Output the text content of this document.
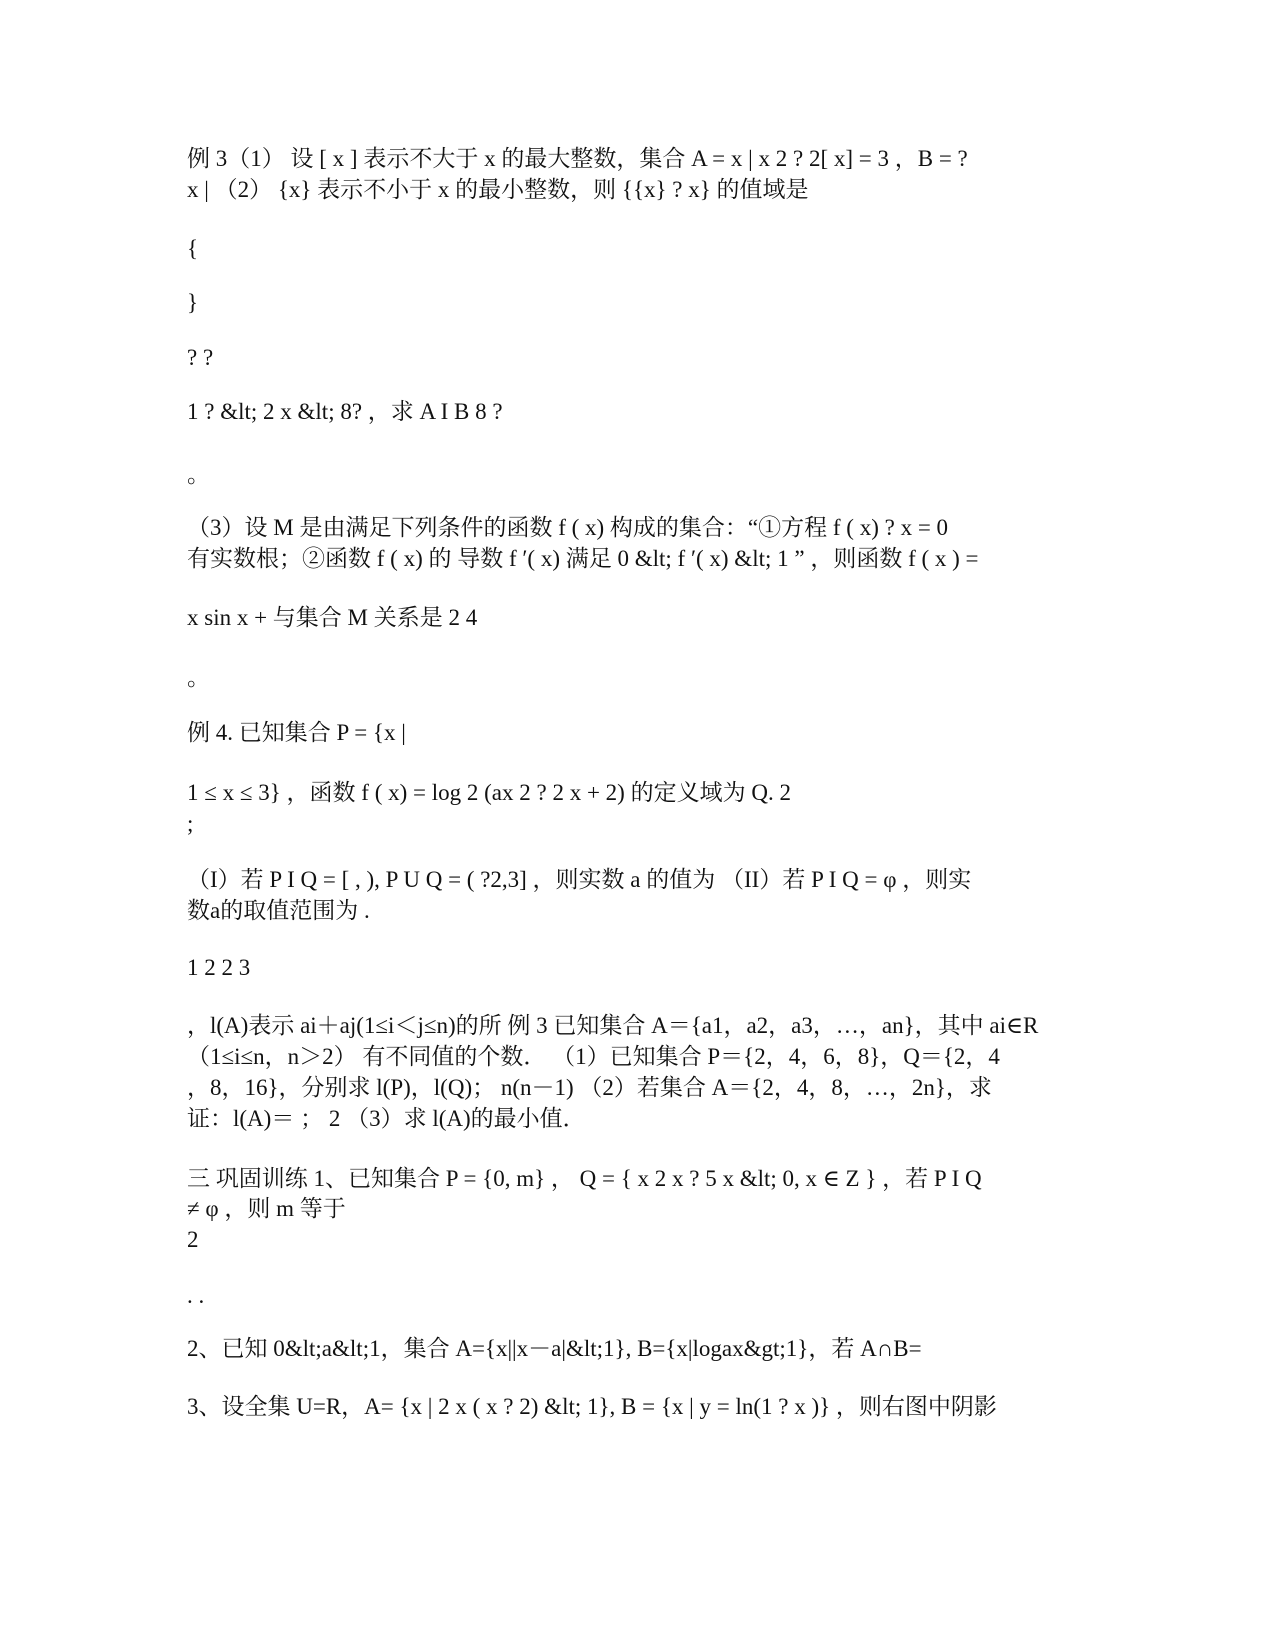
例 3（1） 设 [ x ] 表示不大于 x 的最大整数，集合 A = x | x 2 ? 2[ x] = 3 ，B = ?
x | （2） {x} 表示不小于 x 的最小整数，则 {{x} ? x} 的值域是
{
}
? ?
1 ? &lt; 2 x &lt; 8? ，求 A I B 8 ?
。
（3）设 M 是由满足下列条件的函数 f ( x) 构成的集合：“①方程 f ( x) ? x = 0
有实数根；②函数 f ( x) 的 导数 f ′( x) 满足 0 &lt; f ′( x) &lt; 1 ” ，则函数 f ( x ) =
x sin x + 与集合 M 关系是 2 4
。
例 4. 已知集合 P = {x |
1 ≤ x ≤ 3} ，函数 f ( x) = log 2 (ax 2 ? 2 x + 2) 的定义域为 Q. 2
;
（I）若 P I Q = [ , ), P U Q = ( ?2,3] ，则实数 a 的值为 （II）若 P I Q = φ ，则实
数a的取值范围为 .
1 2 2 3
，l(A)表示 ai＋aj(1≤i＜j≤n)的所 例 3 已知集合 A＝{a1，a2，a3，…，an}，其中 ai∈R
（1≤i≤n，n＞2） 有不同值的个数． （1）已知集合 P＝{2，4，6，8}，Q＝{2，4
，8，16}，分别求 l(P)，l(Q)； n(n－1) （2）若集合 A＝{2，4，8，…，2n}，求
证：l(A)＝ ； 2 （3）求 l(A)的最小值．
三 巩固训练 1、已知集合 P = {0, m} ， Q = { x 2 x ? 5 x &lt; 0, x ∈ Z } ，若 P I Q
≠ φ ，则 m 等于
2
. .
2、已知 0&lt;a&lt;1，集合 A={x||x－a|&lt;1}, B={x|logax&gt;1}，若 A∩B=
3、设全集 U=R，A= {x | 2 x ( x ? 2) &lt; 1}, B = {x | y = ln(1 ? x )} ，则右图中阴影
